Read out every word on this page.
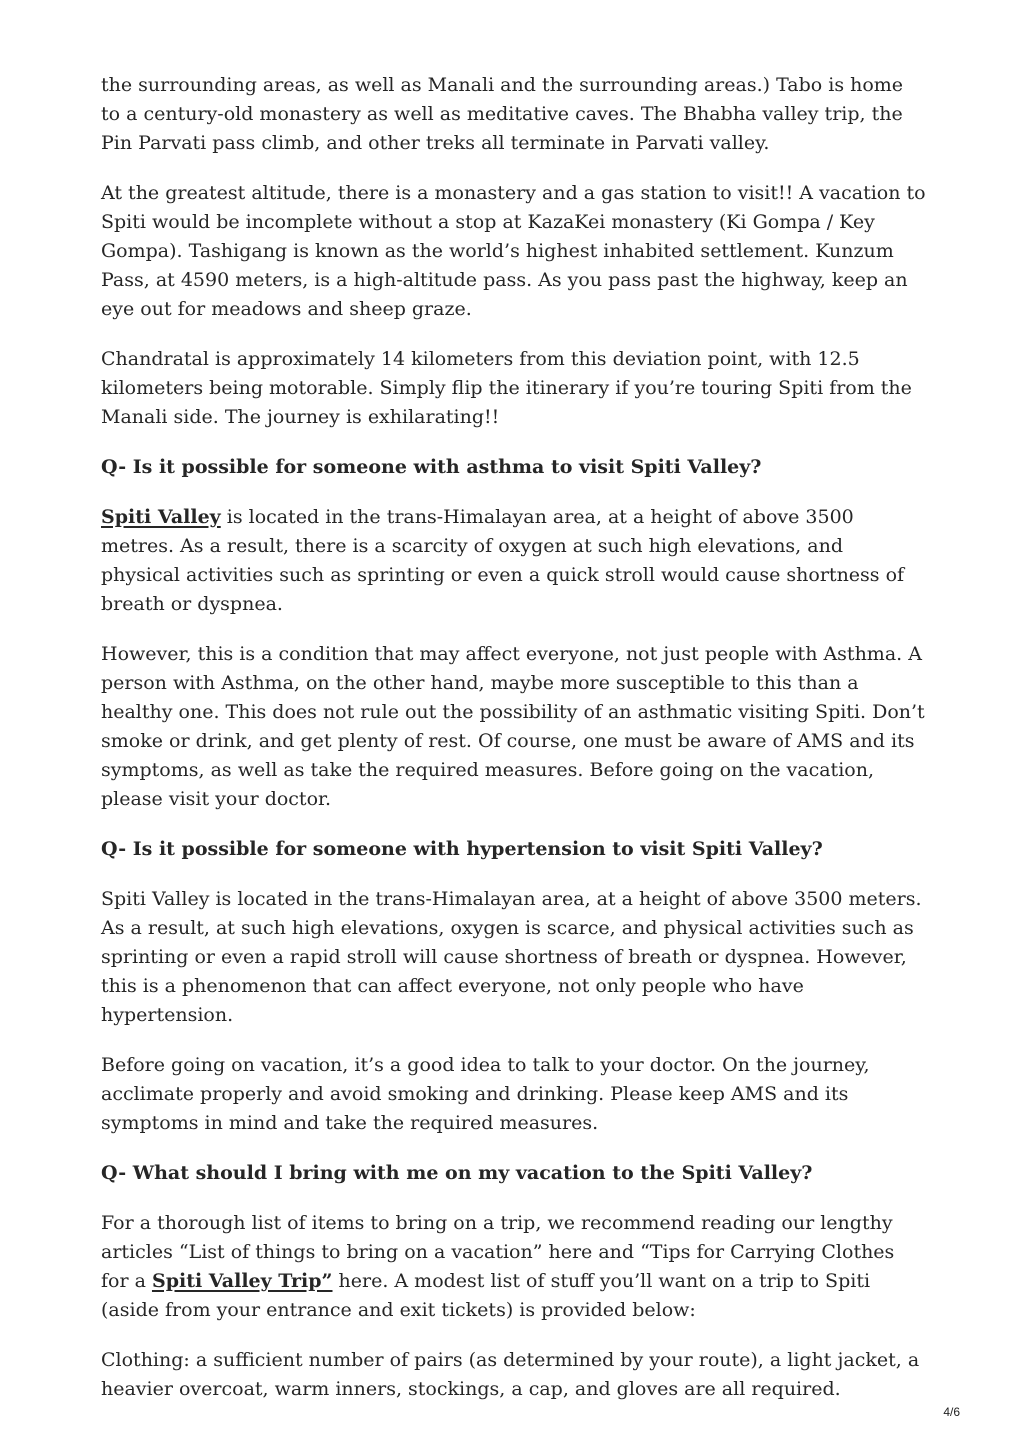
the surrounding areas, as well as Manali and the surrounding areas.) Tabo is home to a century-old monastery as well as meditative caves. The Bhabha valley trip, the Pin Parvati pass climb, and other treks all terminate in Parvati valley.

At the greatest altitude, there is a monastery and a gas station to visit!! A vacation to Spiti would be incomplete without a stop at KazaKei monastery (Ki Gompa / Key Gompa). Tashigang is known as the world’s highest inhabited settlement. Kunzum Pass, at 4590 meters, is a high-altitude pass. As you pass past the highway, keep an eye out for meadows and sheep graze.

Chandratal is approximately 14 kilometers from this deviation point, with 12.5 kilometers being motorable. Simply flip the itinerary if you’re touring Spiti from the Manali side. The journey is exhilarating!!

Q- Is it possible for someone with asthma to visit Spiti Valley?

Spiti Valley is located in the trans-Himalayan area, at a height of above 3500 metres. As a result, there is a scarcity of oxygen at such high elevations, and physical activities such as sprinting or even a quick stroll would cause shortness of breath or dyspnea.

However, this is a condition that may affect everyone, not just people with Asthma. A person with Asthma, on the other hand, maybe more susceptible to this than a healthy one. This does not rule out the possibility of an asthmatic visiting Spiti. Don’t smoke or drink, and get plenty of rest. Of course, one must be aware of AMS and its symptoms, as well as take the required measures. Before going on the vacation, please visit your doctor.

Q- Is it possible for someone with hypertension to visit Spiti Valley?

Spiti Valley is located in the trans-Himalayan area, at a height of above 3500 meters. As a result, at such high elevations, oxygen is scarce, and physical activities such as sprinting or even a rapid stroll will cause shortness of breath or dyspnea. However, this is a phenomenon that can affect everyone, not only people who have hypertension.

Before going on vacation, it’s a good idea to talk to your doctor. On the journey, acclimate properly and avoid smoking and drinking. Please keep AMS and its symptoms in mind and take the required measures.

Q- What should I bring with me on my vacation to the Spiti Valley?

For a thorough list of items to bring on a trip, we recommend reading our lengthy articles “List of things to bring on a vacation” here and “Tips for Carrying Clothes for a Spiti Valley Trip” here. A modest list of stuff you’ll want on a trip to Spiti (aside from your entrance and exit tickets) is provided below:

Clothing: a sufficient number of pairs (as determined by your route), a light jacket, a heavier overcoat, warm inners, stockings, a cap, and gloves are all required.

4/6
